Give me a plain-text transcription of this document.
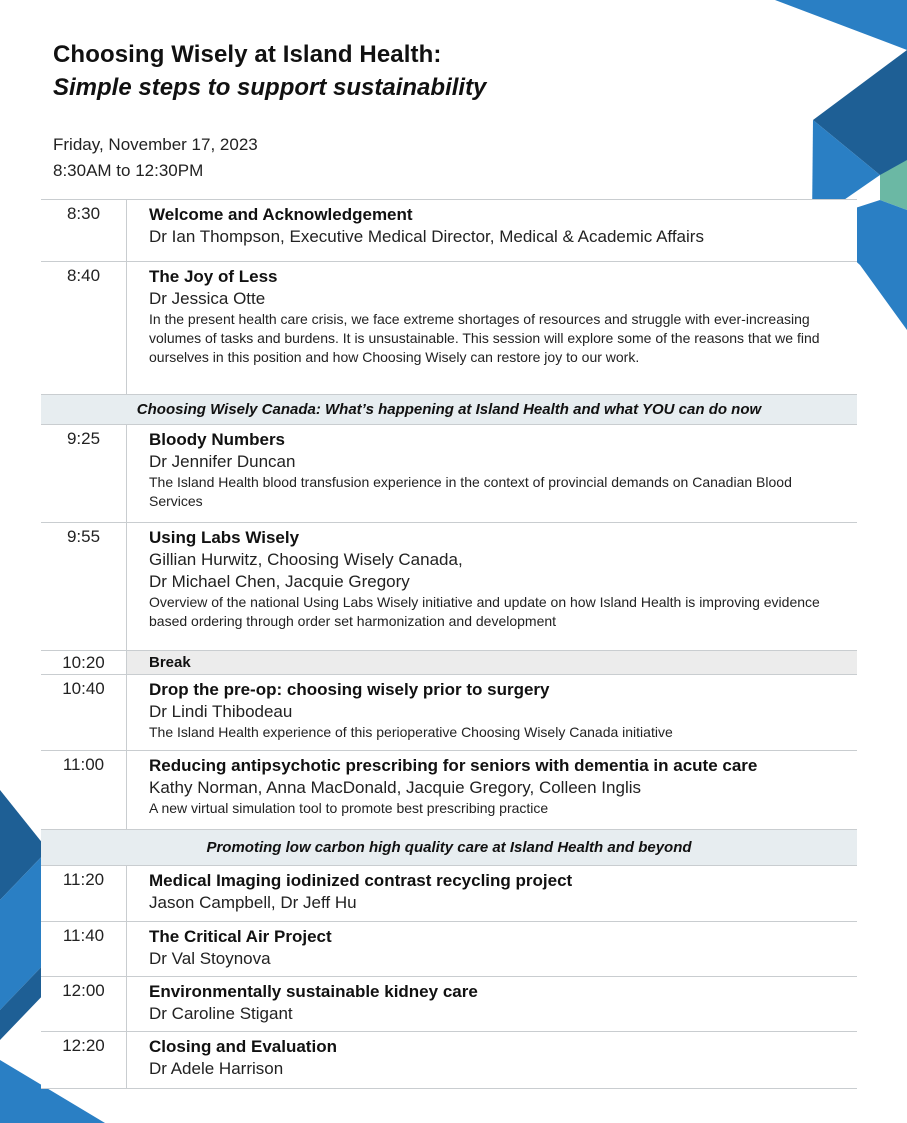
Choosing Wisely at Island Health:
Simple steps to support sustainability
Friday, November 17, 2023
8:30AM to 12:30PM
8:30	Welcome and Acknowledgement
Dr Ian Thompson, Executive Medical Director, Medical & Academic Affairs
8:40	The Joy of Less
Dr Jessica Otte
In the present health care crisis, we face extreme shortages of resources and struggle with ever-increasing volumes of tasks and burdens. It is unsustainable. This session will explore some of the reasons that we find ourselves in this position and how Choosing Wisely can restore joy to our work.
Choosing Wisely Canada: What’s happening at Island Health and what YOU can do now
9:25	Bloody Numbers
Dr Jennifer Duncan
The Island Health blood transfusion experience in the context of provincial demands on Canadian Blood Services
9:55	Using Labs Wisely
Gillian Hurwitz, Choosing Wisely Canada,
Dr Michael Chen, Jacquie Gregory
Overview of the national Using Labs Wisely initiative and update on how Island Health is improving evidence based ordering through order set harmonization and development
10:20	Break
10:40	Drop the pre-op: choosing wisely prior to surgery
Dr Lindi Thibodeau
The Island Health experience of this perioperative Choosing Wisely Canada initiative
11:00	Reducing antipsychotic prescribing for seniors with dementia in acute care
Kathy Norman, Anna MacDonald, Jacquie Gregory, Colleen Inglis
A new virtual simulation tool to promote best prescribing practice
Promoting low carbon high quality care at Island Health and beyond
11:20	Medical Imaging iodinized contrast recycling project
Jason Campbell, Dr Jeff Hu
11:40	The Critical Air Project
Dr Val Stoynova
12:00	Environmentally sustainable kidney care
Dr Caroline Stigant
12:20	Closing and Evaluation
Dr Adele Harrison
